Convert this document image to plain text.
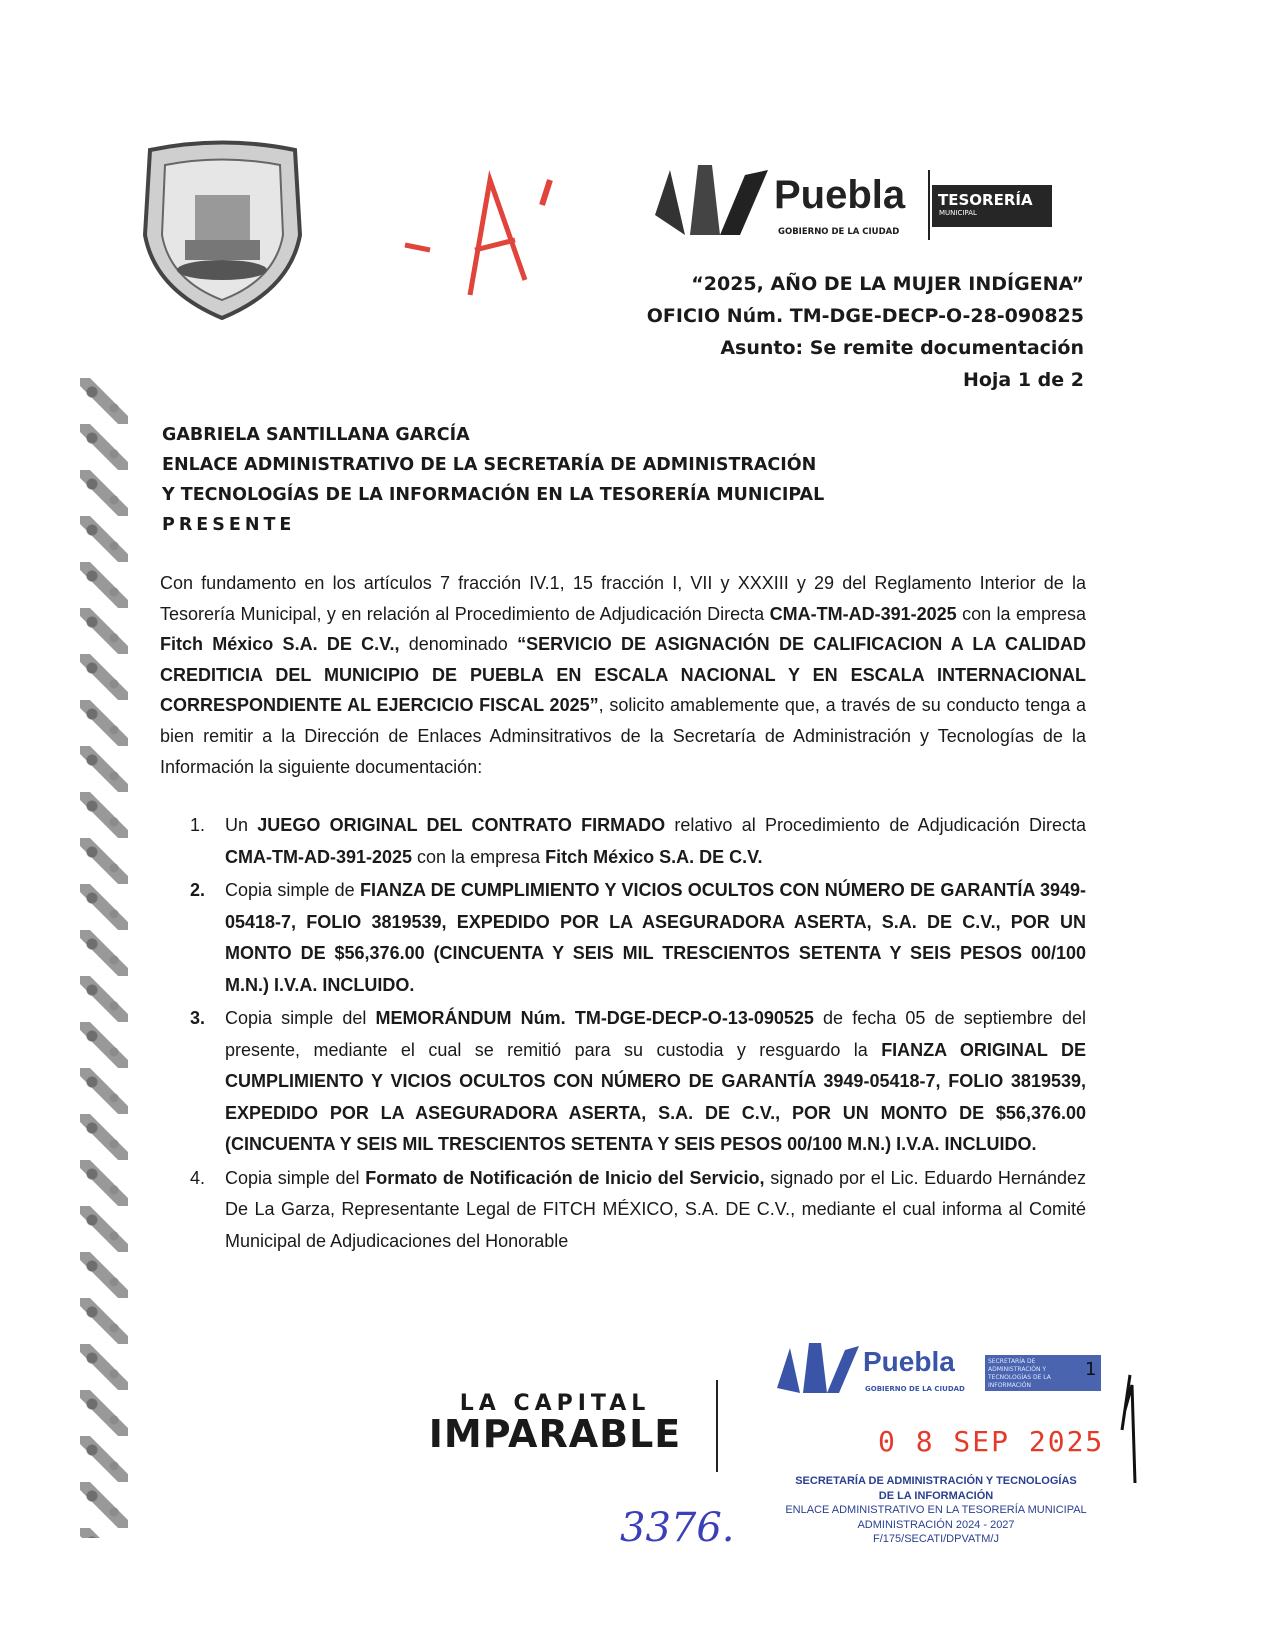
Puebla
GOBIERNO DE LA CIUDAD
TESORERÍA
MUNICIPAL
“2025, AÑO DE LA MUJER INDÍGENA”
OFICIO Núm. TM-DGE-DECP-O-28-090825
Asunto: Se remite documentación
Hoja 1 de 2
GABRIELA SANTILLANA GARCÍA
ENLACE ADMINISTRATIVO DE LA SECRETARÍA DE ADMINISTRACIÓN
Y TECNOLOGÍAS DE LA INFORMACIÓN EN LA TESORERÍA MUNICIPAL
PRESENTE

Con fundamento en los artículos 7 fracción IV.1, 15 fracción I, VII y XXXIII y 29 del Reglamento Interior de la Tesorería Municipal, y en relación al Procedimiento de Adjudicación Directa CMA-TM-AD-391-2025 con la empresa Fitch México S.A. DE C.V., denominado “SERVICIO DE ASIGNACIÓN DE CALIFICACION A LA CALIDAD CREDITICIA DEL MUNICIPIO DE PUEBLA EN ESCALA NACIONAL Y EN ESCALA INTERNACIONAL CORRESPONDIENTE AL EJERCICIO FISCAL 2025”, solicito amablemente que, a través de su conducto tenga a bien remitir a la Dirección de Enlaces Adminsitrativos de la Secretaría de Administración y Tecnologías de la Información la siguiente documentación:

1. Un JUEGO ORIGINAL DEL CONTRATO FIRMADO relativo al Procedimiento de Adjudicación Directa CMA-TM-AD-391-2025 con la empresa Fitch México S.A. DE C.V.
2. Copia simple de FIANZA DE CUMPLIMIENTO Y VICIOS OCULTOS CON NÚMERO DE GARANTÍA 3949-05418-7, FOLIO 3819539, EXPEDIDO POR LA ASEGURADORA ASERTA, S.A. DE C.V., POR UN MONTO DE $56,376.00 (CINCUENTA Y SEIS MIL TRESCIENTOS SETENTA Y SEIS PESOS 00/100 M.N.) I.V.A. INCLUIDO.
3. Copia simple del MEMORÁNDUM Núm. TM-DGE-DECP-O-13-090525 de fecha 05 de septiembre del presente, mediante el cual se remitió para su custodia y resguardo la FIANZA ORIGINAL DE CUMPLIMIENTO Y VICIOS OCULTOS CON NÚMERO DE GARANTÍA 3949-05418-7, FOLIO 3819539, EXPEDIDO POR LA ASEGURADORA ASERTA, S.A. DE C.V., POR UN MONTO DE $56,376.00 (CINCUENTA Y SEIS MIL TRESCIENTOS SETENTA Y SEIS PESOS 00/100 M.N.) I.V.A. INCLUIDO.
4. Copia simple del Formato de Notificación de Inicio del Servicio, signado por el Lic. Eduardo Hernández De La Garza, Representante Legal de FITCH MÉXICO, S.A. DE C.V., mediante el cual informa al Comité Municipal de Adjudicaciones del Honorable
LA CAPITAL
IMPARABLE
Puebla
GOBIERNO DE LA CIUDAD
SECRETARÍA DE ADMINISTRACIÓN Y TECNOLOGÍAS DE LA INFORMACIÓN
1
0 8 SEP 2025
SECRETARÍA DE ADMINISTRACIÓN Y TECNOLOGÍAS
DE LA INFORMACIÓN
ENLACE ADMINISTRATIVO EN LA TESORERÍA MUNICIPAL
ADMINISTRACIÓN 2024 - 2027
F/175/SECATI/DPVATM/J
3376.
